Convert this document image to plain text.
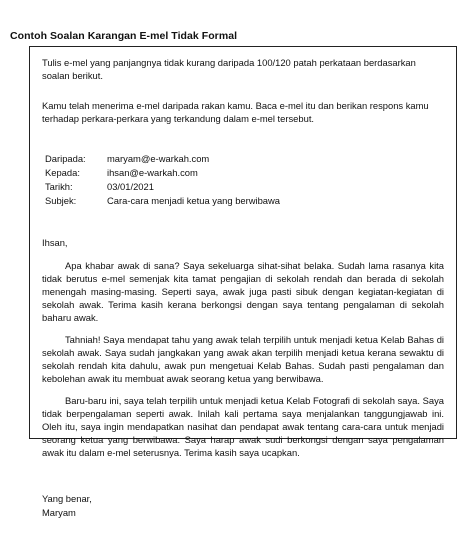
Contoh Soalan Karangan E-mel Tidak Formal

Tulis e-mel yang panjangnya tidak kurang daripada 100/120 patah perkataan berdasarkan soalan berikut.

Kamu telah menerima e-mel daripada rakan kamu. Baca e-mel itu dan berikan respons kamu terhadap perkara-perkara yang terkandung dalam e-mel tersebut.

Daripada: maryam@e-warkah.com
Kepada:	ihsan@e-warkah.com
Tarikh:	03/01/2021
Subjek:	Cara-cara menjadi ketua yang berwibawa
Ihsan,

Apa khabar awak di sana? Saya sekeluarga sihat-sihat belaka. Sudah lama rasanya kita tidak berutus e-mel semenjak kita tamat pengajian di sekolah rendah dan berada di sekolah menengah masing-masing. Seperti saya, awak juga pasti sibuk dengan kegiatan-kegiatan di sekolah awak. Terima kasih kerana berkongsi dengan saya tentang pengalaman di sekolah baharu awak.

Tahniah! Saya mendapat tahu yang awak telah terpilih untuk menjadi ketua Kelab Bahas di sekolah awak. Saya sudah jangkakan yang awak akan terpilih menjadi ketua kerana sewaktu di sekolah rendah kita dahulu, awak pun mengetuai Kelab Bahas. Sudah pasti pengalaman dan kebolehan awak itu membuat awak seorang ketua yang berwibawa.

Baru-baru ini, saya telah terpilih untuk menjadi ketua Kelab Fotografi di sekolah saya. Saya tidak berpengalaman seperti awak. Inilah kali pertama saya menjalankan tanggungjawab ini. Oleh itu, saya ingin mendapatkan nasihat dan pendapat awak tentang cara-cara untuk menjadi seorang ketua yang berwibawa. Saya harap awak sudi berkongsi dengan saya pengalaman awak itu dalam e-mel seterusnya. Terima kasih saya ucapkan.

Yang benar,
Maryam
